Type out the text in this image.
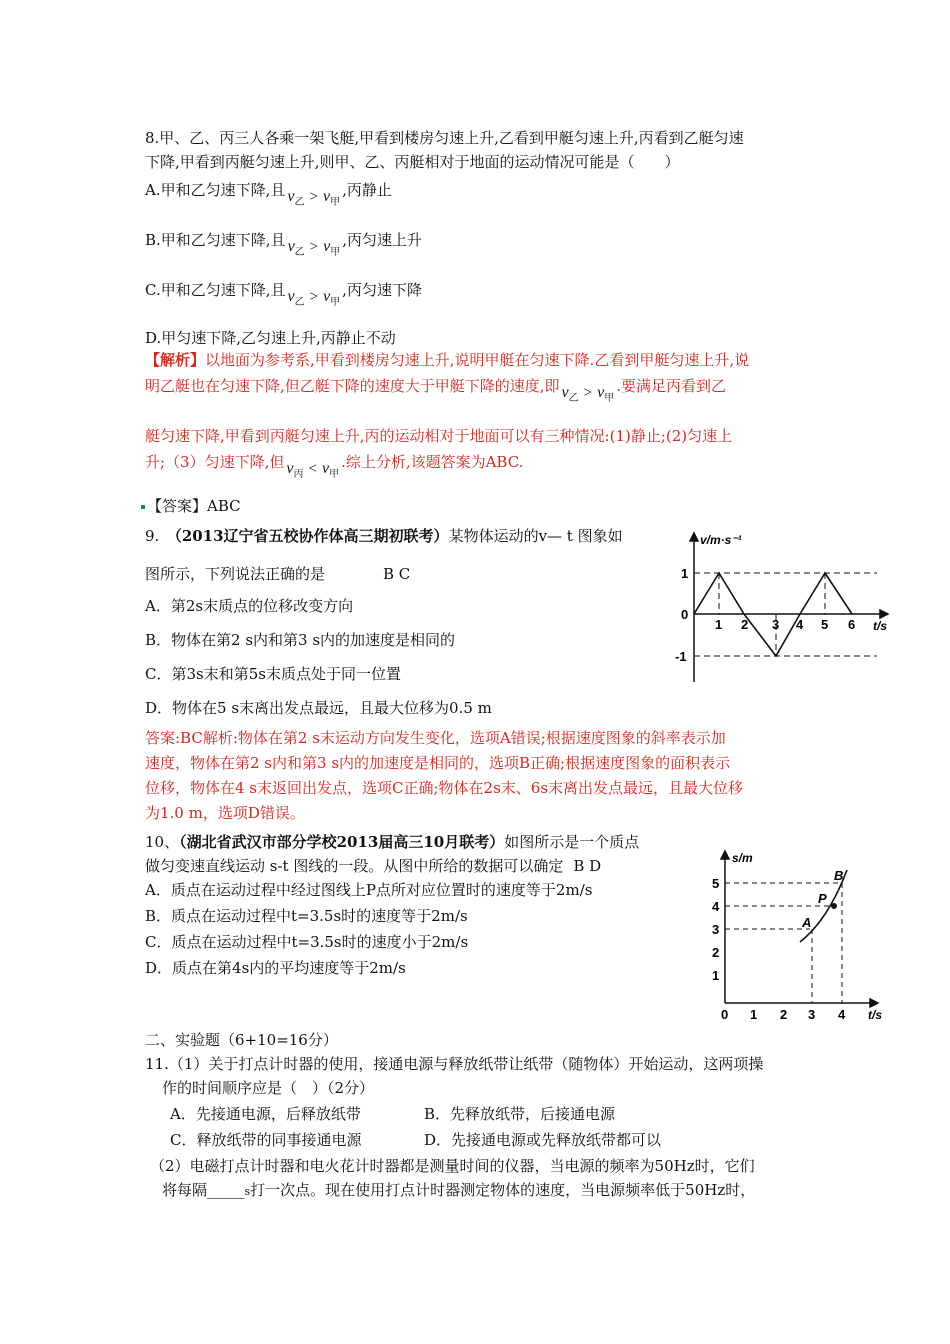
8.甲、乙、丙三人各乘一架飞艇,甲看到楼房匀速上升,乙看到甲艇匀速上升,丙看到乙艇匀速
下降,甲看到丙艇匀速上升,则甲、乙、丙艇相对于地面的运动情况可能是（　　）
A.甲和乙匀速下降,且 $v_乙 > v_甲$,丙静止
B.甲和乙匀速下降,且 $v_乙 > v_甲$,丙匀速上升
C.甲和乙匀速下降,且 $v_乙 > v_甲$,丙匀速下降
D.甲匀速下降,乙匀速上升,丙静止不动
【解析】以地面为参考系,甲看到楼房匀速上升,说明甲艇在匀速下降.乙看到甲艇匀速上升,说
明乙艇也在匀速下降,但乙艇下降的速度大于甲艇下降的速度,即 $v_乙 > v_甲$.要满足丙看到乙
艇匀速下降,甲看到丙艇匀速上升,丙的运动相对于地面可以有三种情况:(1)静止;(2)匀速上
升;（3）匀速下降,但 $v_丙 < v_甲$.综上分析,该题答案为ABC.
【答案】ABC
9.　（2013辽宁省五校协作体高三期初联考）某物体运动的v— t 图象如
图所示，下列说法正确的是	B C
A．第2s末质点的位移改变方向
B．物体在第2 s内和第3 s内的加速度是相同的
C．第3s末和第5s末质点处于同一位置
D．物体在5 s末离出发点最远，且最大位移为0.5 m
答案:BC解析:物体在第2 s末运动方向发生变化，选项A错误;根据速度图象的斜率表示加
速度，物体在第2 s内和第3 s内的加速度是相同的，选项B正确;根据速度图象的面积表示
位移，物体在4 s末返回出发点，选项C正确;物体在2s末、6s末离出发点最远，且最大位移
为1.0 m，选项D错误。
v/m·s⁻¹
t/s
1
0
-1
1 2 3 4 5 6
10、（湖北省武汉市部分学校2013届高三10月联考）如图所示是一个质点
做匀变速直线运动 s-t 图线的一段。从图中所给的数据可以确定 B D
A．质点在运动过程中经过图线上P点所对应位置时的速度等于2m/s
B．质点在运动过程中t=3.5s时的速度等于2m/s
C．质点在运动过程中t=3.5s时的速度小于2m/s
D．质点在第4s内的平均速度等于2m/s
s/m
t/s
5
4
3
2
1
0 1 2 3 4
A
P
B
二、实验题（6+10=16分）
11.（1）关于打点计时器的使用，接通电源与释放纸带让纸带（随物体）开始运动，这两项操
作的时间顺序应是（　）（2分）
A．先接通电源，后释放纸带	B．先释放纸带，后接通电源
C．释放纸带的同事接通电源	D．先接通电源或先释放纸带都可以
（2）电磁打点计时器和电火花计时器都是测量时间的仪器，当电源的频率为50Hz时，它们
将每隔_____s打一次点。现在使用打点计时器测定物体的速度，当电源频率低于50Hz时，
